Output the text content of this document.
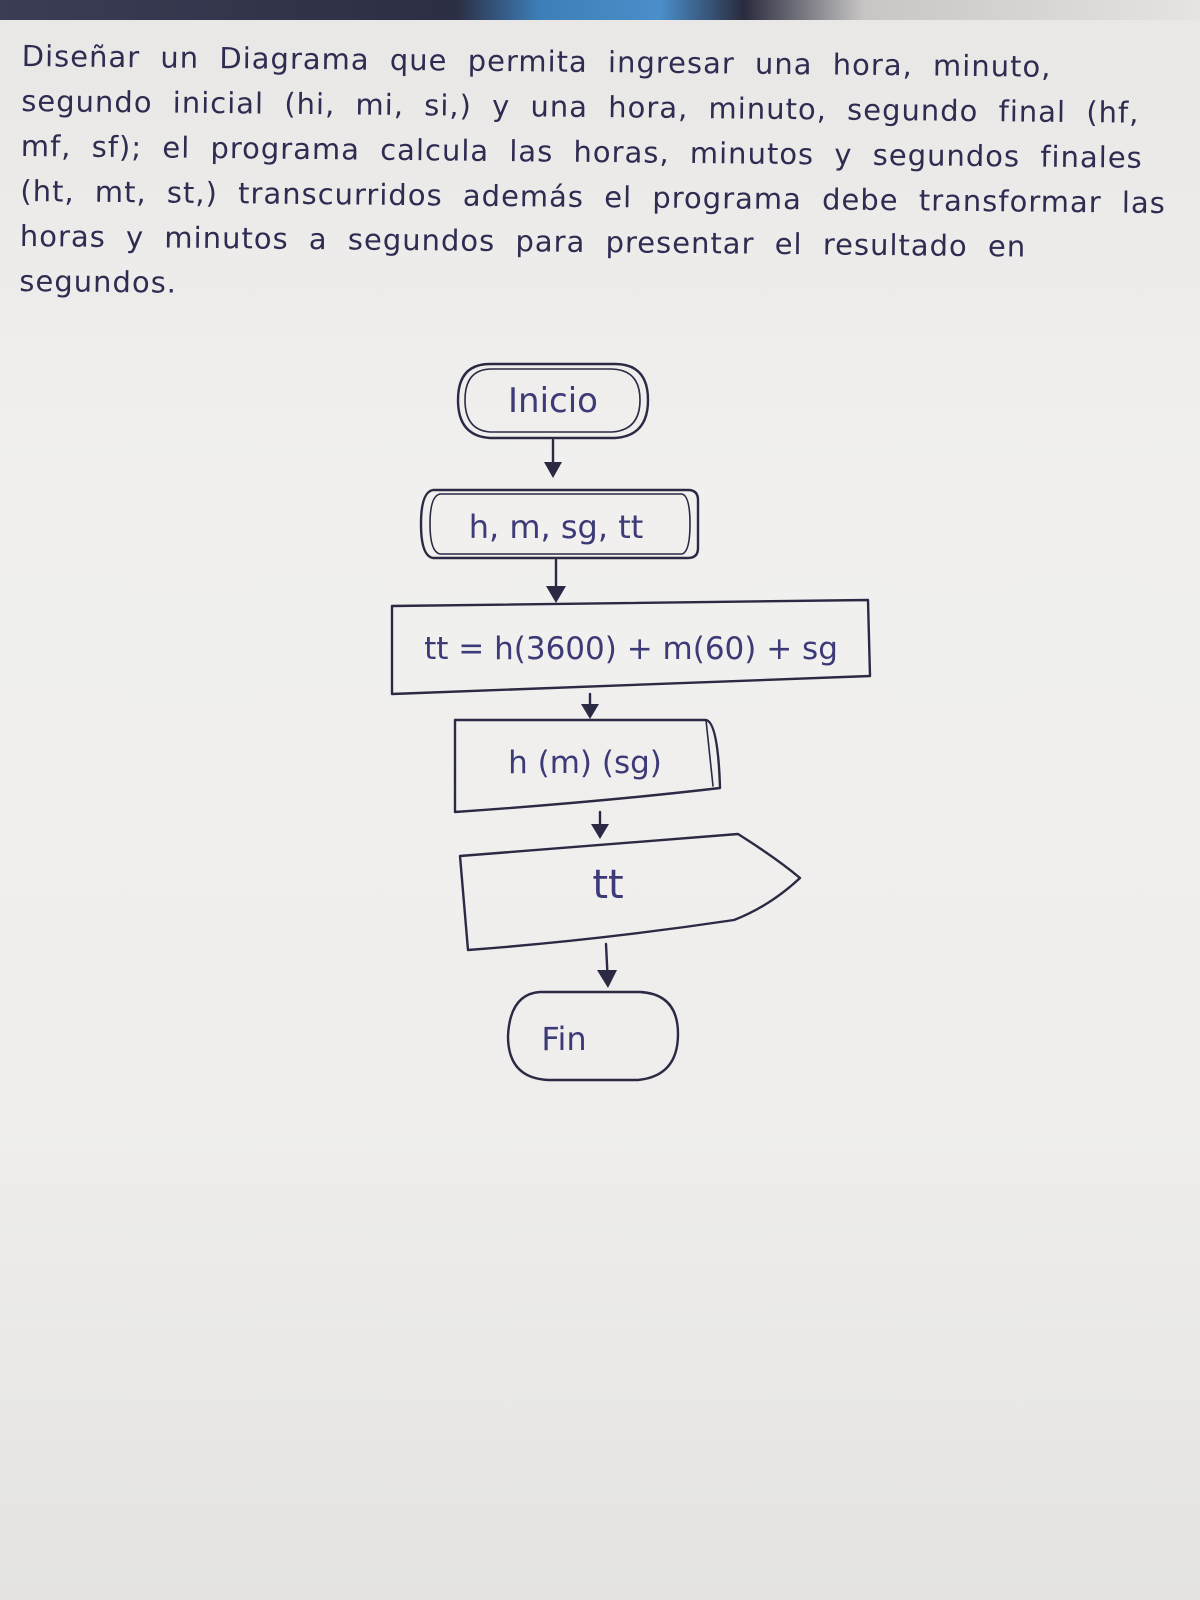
Diseñar un Diagrama que permita ingresar una hora, minuto, segundo inicial (hi, mi, si,) y una hora, minuto, segundo final (hf, mf, sf); el programa calcula las horas, minutos y segundos finales (ht, mt, st,) transcurridos además el programa debe transformar las horas y minutos a segundos para presentar el resultado en segundos.

Inicio
h, m, sg, tt
tt = h(3600) + m(60) + sg
h (m) (sg)
tt
Fin
